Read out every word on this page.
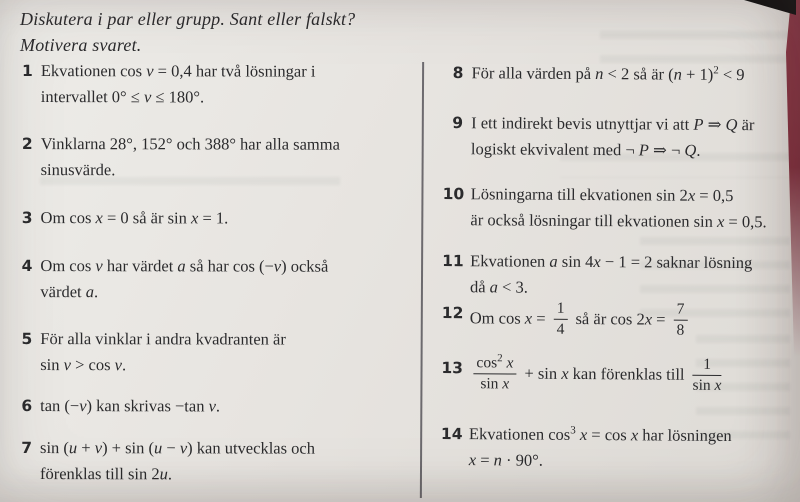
Diskutera i par eller grupp. Sant eller falskt?
Motivera svaret.
1 Ekvationen cos v = 0,4 har två lösningar i
intervallet 0° ≤ v ≤ 180°.
2 Vinklarna 28°, 152° och 388° har alla samma
sinusvärde.
3 Om cos x = 0 så är sin x = 1.
4 Om cos v har värdet a så har cos (−v) också
värdet a.
5 För alla vinklar i andra kvadranten är
sin v > cos v.
6 tan (−v) kan skrivas −tan v.
7 sin (u + v) + sin (u − v) kan utvecklas och
förenklas till sin 2u.
8 För alla värden på n < 2 så är $(n + 1)^2 < 9$
9 I ett indirekt bevis utnyttjar vi att P ⇒ Q är
logiskt ekvivalent med ¬ P ⇒ ¬ Q.
10 Lösningarna till ekvationen sin 2x = 0,5
är också lösningar till ekvationen sin x = 0,5.
11 Ekvationen a sin 4x − 1 = 2 saknar lösning
då a < 3.
12 Om $\cos x = \frac{1}{4}$ så är $\cos 2x = \frac{7}{8}$
$13 \frac{\cos^2 x}{\text{sin x}} + \sin x$ kan förenklas till $\frac{1}{\text{sin x}}$
14 Ekvationen $\cos^3 x = \cos x$ har lösningen
x = n · 90°.
